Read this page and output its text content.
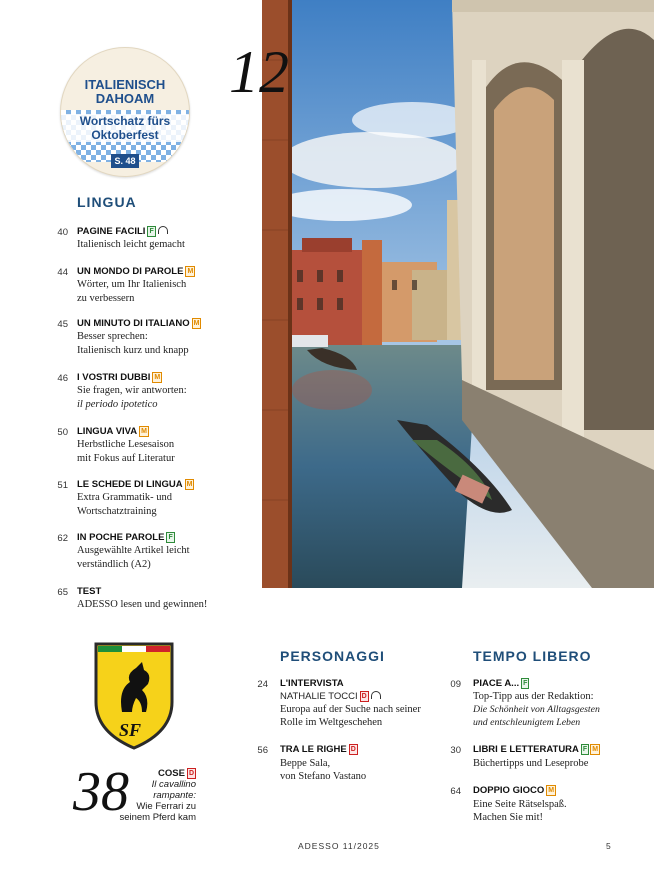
12
ITALIENISCH
DAHOAM
Wortschatz fürs
Oktoberfest
S. 48
LINGUA
40 PAGINE FACILI F
Italienisch leicht gemacht
44 UN MONDO DI PAROLE M
Wörter, um Ihr Italienisch
zu verbessern
45 UN MINUTO DI ITALIANO M
Besser sprechen:
Italienisch kurz und knapp
46 I VOSTRI DUBBI M
Sie fragen, wir antworten:
il periodo ipotetico
50 LINGUA VIVA M
Herbstliche Lesesaison
mit Fokus auf Literatur
51 LE SCHEDE DI LINGUA M
Extra Grammatik- und
Wortschatztraining
62 IN POCHE PAROLE F
Ausgewählte Artikel leicht
verständlich (A2)
65 TEST
ADESSO lesen und gewinnen!
SF
38	COSE D
Il cavallino
rampante:
Wie Ferrari zu
seinem Pferd kam
PERSONAGGI
24 L'INTERVISTA
NATHALIE TOCCI D
Europa auf der Suche nach seiner
Rolle im Weltgeschehen
56 TRA LE RIGHE D
Beppe Sala,
von Stefano Vastano
TEMPO LIBERO
09 PIACE A... F
Top-Tipp aus der Redaktion:
Die Schönheit von Alltagsgesten
und entschleunigtem Leben
30 LIBRI E LETTERATURA F M
Büchertipps und Leseprobe
64 DOPPIO GIOCO M
Eine Seite Rätselspaß.
Machen Sie mit!
ADESSO 11/2025	5
